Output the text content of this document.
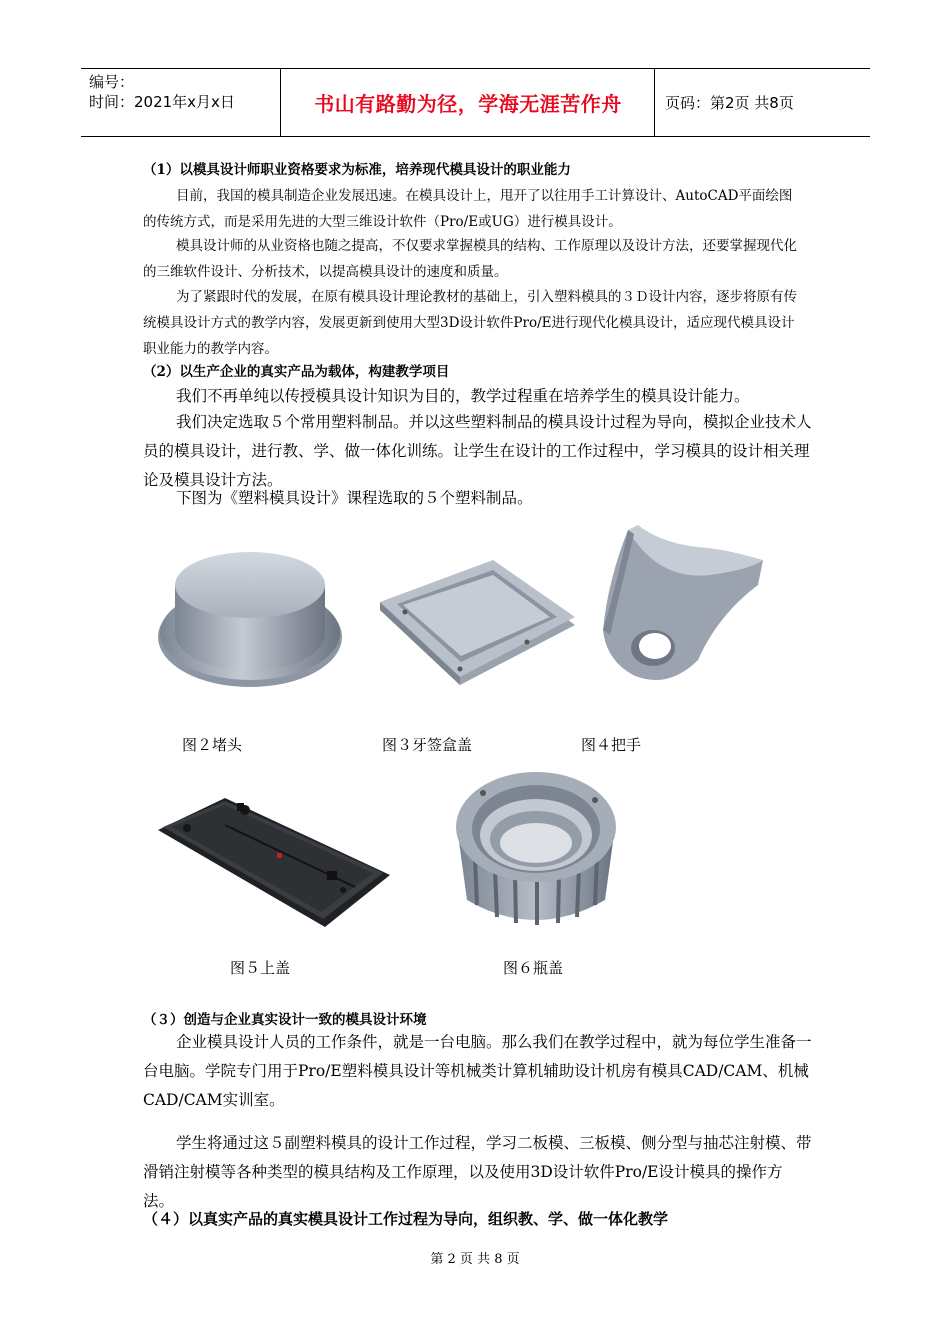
编号：
时间：2021年x月x日	书山有路勤为径，学海无涯苦作舟	页码：第2页 共8页
（1）以模具设计师职业资格要求为标准，培养现代模具设计的职业能力
目前，我国的模具制造企业发展迅速。在模具设计上，甩开了以往用手工计算设计、AutoCAD平面绘图的传统方式，而是采用先进的大型三维设计软件（Pro/E或UG）进行模具设计。
模具设计师的从业资格也随之提高，不仅要求掌握模具的结构、工作原理以及设计方法，还要掌握现代化的三维软件设计、分析技术，以提高模具设计的速度和质量。
为了紧跟时代的发展，在原有模具设计理论教材的基础上，引入塑料模具的３Ｄ设计内容，逐步将原有传统模具设计方式的教学内容，发展更新到使用大型3D设计软件Pro/E进行现代化模具设计，适应现代模具设计职业能力的教学内容。
（2）以生产企业的真实产品为载体，构建教学项目
我们不再单纯以传授模具设计知识为目的，教学过程重在培养学生的模具设计能力。
我们决定选取５个常用塑料制品。并以这些塑料制品的模具设计过程为导向，模拟企业技术人员的模具设计，进行教、学、做一体化训练。让学生在设计的工作过程中，学习模具的设计相关理论及模具设计方法。
下图为《塑料模具设计》课程选取的５个塑料制品。
图２堵头	图３牙签盒盖	图４把手
图５上盖	图６瓶盖
（３）创造与企业真实设计一致的模具设计环境
企业模具设计人员的工作条件，就是一台电脑。那么我们在教学过程中，就为每位学生准备一台电脑。学院专门用于Pro/E塑料模具设计等机械类计算机辅助设计机房有模具CAD/CAM、机械CAD/CAM实训室。
学生将通过这５副塑料模具的设计工作过程，学习二板模、三板模、侧分型与抽芯注射模、带滑销注射模等各种类型的模具结构及工作原理，以及使用3D设计软件Pro/E设计模具的操作方法。
（４）以真实产品的真实模具设计工作过程为导向，组织教、学、做一体化教学
第 2 页 共 8 页
